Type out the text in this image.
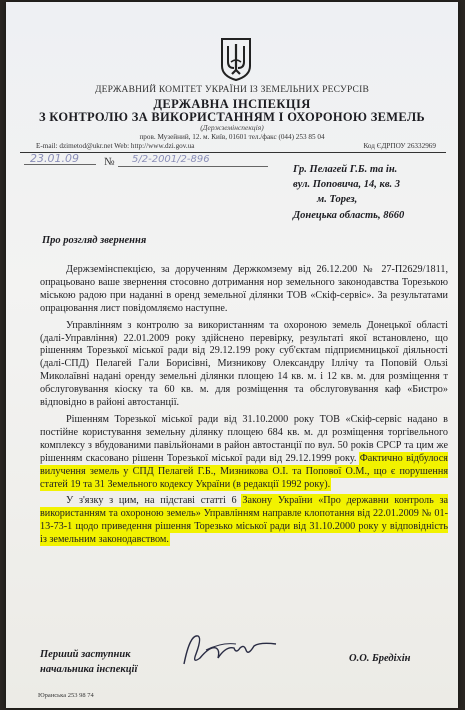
ДЕРЖАВНИЙ КОМІТЕТ УКРАЇНИ ІЗ ЗЕМЕЛЬНИХ РЕСУРСІВ
ДЕРЖАВНА ІНСПЕКЦІЯ
З КОНТРОЛЮ ЗА ВИКОРИСТАННЯМ І ОХОРОНОЮ ЗЕМЕЛЬ
(Держземінспекція)
пров. Музейний, 12. м. Київ, 01601 тел./факс (044) 253 85 04
E-mail: dzimetod@ukr.net Web: http://www.dzi.gov.ua	Код ЄДРПОУ 26332969
23.01.09 № 5/2-2001/2-896
Гр. Пелагей Г.Б. та ін.
вул. Поповича, 14, кв. 3
м. Торез,
Донецька область, 8660
Про розгляд звернення

Держземінспекцією, за дорученням Держкомзему від 26.12.200 № 27-П2629/1811, опрацьовано ваше звернення стосовно дотримання нор земельного законодавства Торезькою міською радою при наданні в оренд земельної ділянки ТОВ «Скіф-сервіс». За результатами опрацювання лист повідомляємо наступне.

Управлінням з контролю за використанням та охороною земель Донецької області (далі-Управління) 22.01.2009 року здійснено перевірку, результаті якої встановлено, що рішенням Торезької міської ради від 29.12.199 року суб'єктам підприємницької діяльності (далі-СПД) Пелагей Гали Борисівні, Мизникову Олександру Іллічу та Поповій Ользі Миколаївні надані оренду земельні ділянки площею 14 кв. м. і 12 кв. м. для розміщення т обслуговування кіоску та 60 кв. м. для розміщення та обслуговування каф «Бистро» відповідно в районі автостанції.

Рішенням Торезької міської ради від 31.10.2000 року ТОВ «Скіф-сервіс надано в постійне користування земельну ділянку площею 684 кв. м. дл розміщення торгівельного комплексу з вбудованими павільйонами в район автостанції по вул. 50 років СРСР та цим же рішенням скасовано рішенн Торезької міської ради від 29.12.1999 року. Фактично відбулося вилучення земель у СПД Пелагей Г.Б., Мизникова О.І. та Попової О.М., що є порушення статей 19 та 31 Земельного кодексу України (в редакції 1992 року).

У з'язку з цим, на підставі статті 6 Закону України «Про державни контроль за використанням та охороною земель» Управлінням направле клопотання від 22.01.2009 № 01-13-73-1 щодо приведення рішення Торезько міської ради від 31.10.2000 року у відповідність із земельним законодавством.

Перший заступник
начальника інспекції
О.О. Бредіхін
Юранська 253 98 74
